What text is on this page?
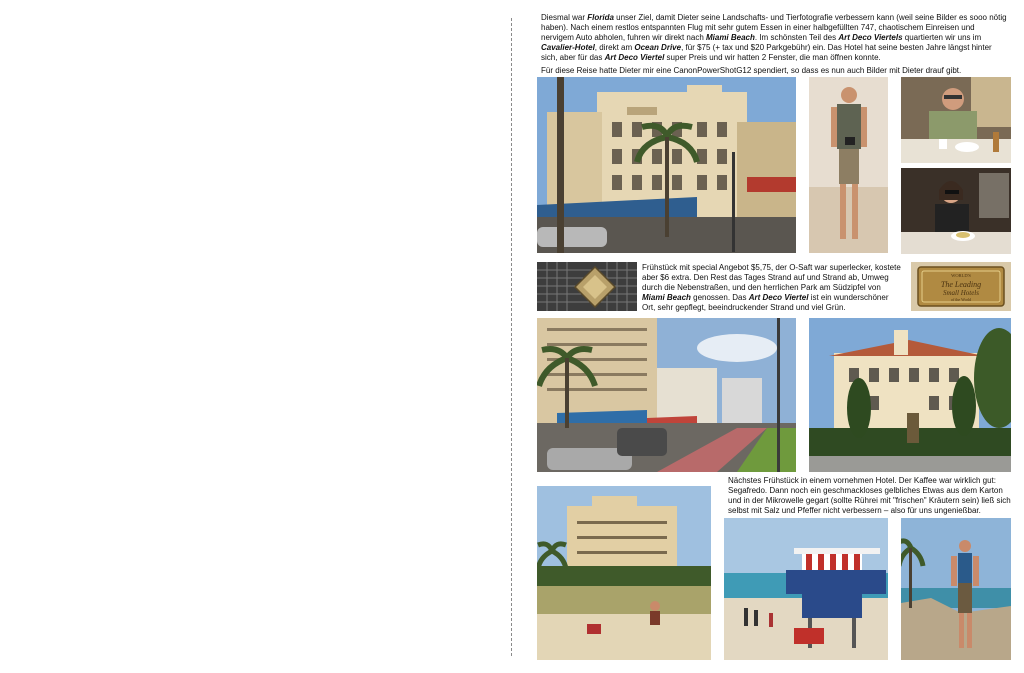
Diesmal war Florida unser Ziel, damit Dieter seine Landschafts- und Tierfotografie verbessern kann (weil seine Bilder es sooo nötig haben). Nach einem restlos entspannten Flug mit sehr gutem Essen in einer halbgefüllten 747, chaotischem Einreisen und nervigem Auto abholen, fuhren wir direkt nach Miami Beach. Im schönsten Teil des Art Deco Viertels quartierten wir uns im Cavalier-Hotel, direkt am Ocean Drive, für $75 (+ tax und $20 Parkgebühr) ein. Das Hotel hat seine besten Jahre längst hinter sich, aber für das Art Deco Viertel super Preis und wir hatten 2 Fenster, die man öffnen konnte.

Für diese Reise hatte Dieter mir eine CanonPowerShotG12 spendiert, so dass es nun auch Bilder mit Dieter drauf gibt.

Frühstück mit special Angebot $5,75, der O-Saft war superlecker, kostete aber $6 extra. Den Rest das Tages Strand auf und Strand ab, Umweg durch die Nebenstraßen, und den herrlichen Park am Südzipfel von Miami Beach genossen. Das Art Deco Viertel ist ein wunderschöner Ort, sehr gepflegt, beeindruckender Strand und viel Grün.
WORLD'S
The Leading
Small Hotels
of the World
Nächstes Frühstück in einem vornehmen Hotel. Der Kaffee war wirklich gut: Segafredo. Dann noch ein geschmackloses gelbliches Etwas aus dem Karton und in der Mikrowelle gegart (sollte Rührei mit "frischen" Kräutern sein) ließ sich selbst mit Salz und Pfeffer nicht verbessern – also für uns ungenießbar.
